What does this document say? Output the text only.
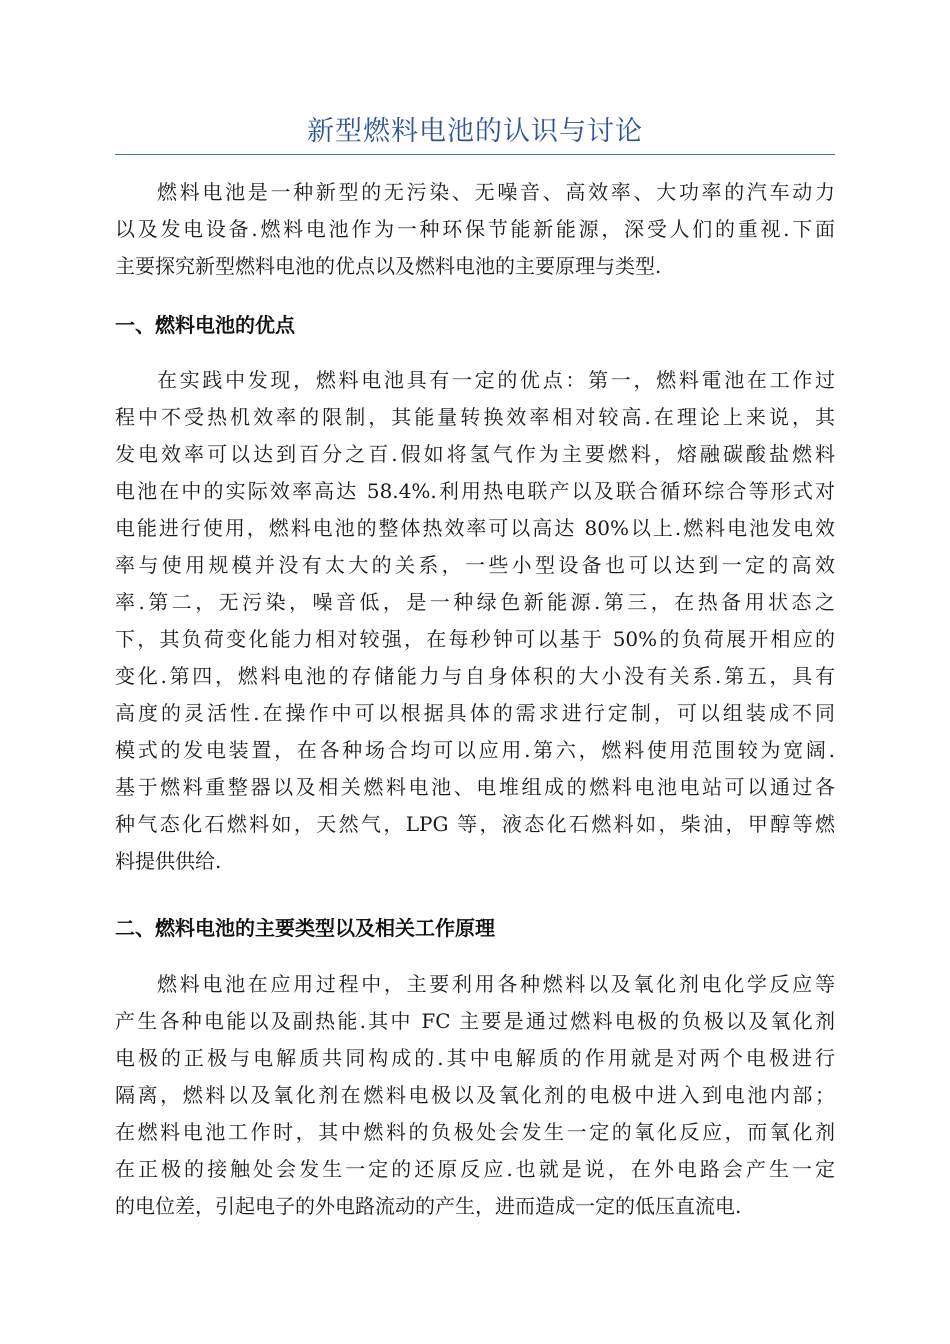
新型燃料电池的认识与讨论
燃料电池是一种新型的无污染、无噪音、高效率、大功率的汽车动力
以及发电设备.燃料电池作为一种环保节能新能源，深受人们的重视.下面
主要探究新型燃料电池的优点以及燃料电池的主要原理与类型.
一、燃料电池的优点
在实践中发现，燃料电池具有一定的优点：第一，燃料電池在工作过
程中不受热机效率的限制，其能量转换效率相对较高.在理论上来说，其
发电效率可以达到百分之百.假如将氢气作为主要燃料，熔融碳酸盐燃料
电池在中的实际效率高达 58.4%.利用热电联产以及联合循环综合等形式对
电能进行使用，燃料电池的整体热效率可以高达 80%以上.燃料电池发电效
率与使用规模并没有太大的关系，一些小型设备也可以达到一定的高效
率.第二，无污染，噪音低，是一种绿色新能源.第三，在热备用状态之
下，其负荷变化能力相对较强，在每秒钟可以基于 50%的负荷展开相应的
变化.第四，燃料电池的存储能力与自身体积的大小没有关系.第五，具有
高度的灵活性.在操作中可以根据具体的需求进行定制，可以组装成不同
模式的发电装置，在各种场合均可以应用.第六，燃料使用范围较为宽阔.
基于燃料重整器以及相关燃料电池、电堆组成的燃料电池电站可以通过各
种气态化石燃料如，天然气，LPG 等，液态化石燃料如，柴油，甲醇等燃
料提供供给.
二、燃料电池的主要类型以及相关工作原理
燃料电池在应用过程中，主要利用各种燃料以及氧化剂电化学反应等
产生各种电能以及副热能.其中 FC 主要是通过燃料电极的负极以及氧化剂
电极的正极与电解质共同构成的.其中电解质的作用就是对两个电极进行
隔离，燃料以及氧化剂在燃料电极以及氧化剂的电极中进入到电池内部；
在燃料电池工作时，其中燃料的负极处会发生一定的氧化反应，而氧化剂
在正极的接触处会发生一定的还原反应.也就是说，在外电路会产生一定
的电位差，引起电子的外电路流动的产生，进而造成一定的低压直流电.
